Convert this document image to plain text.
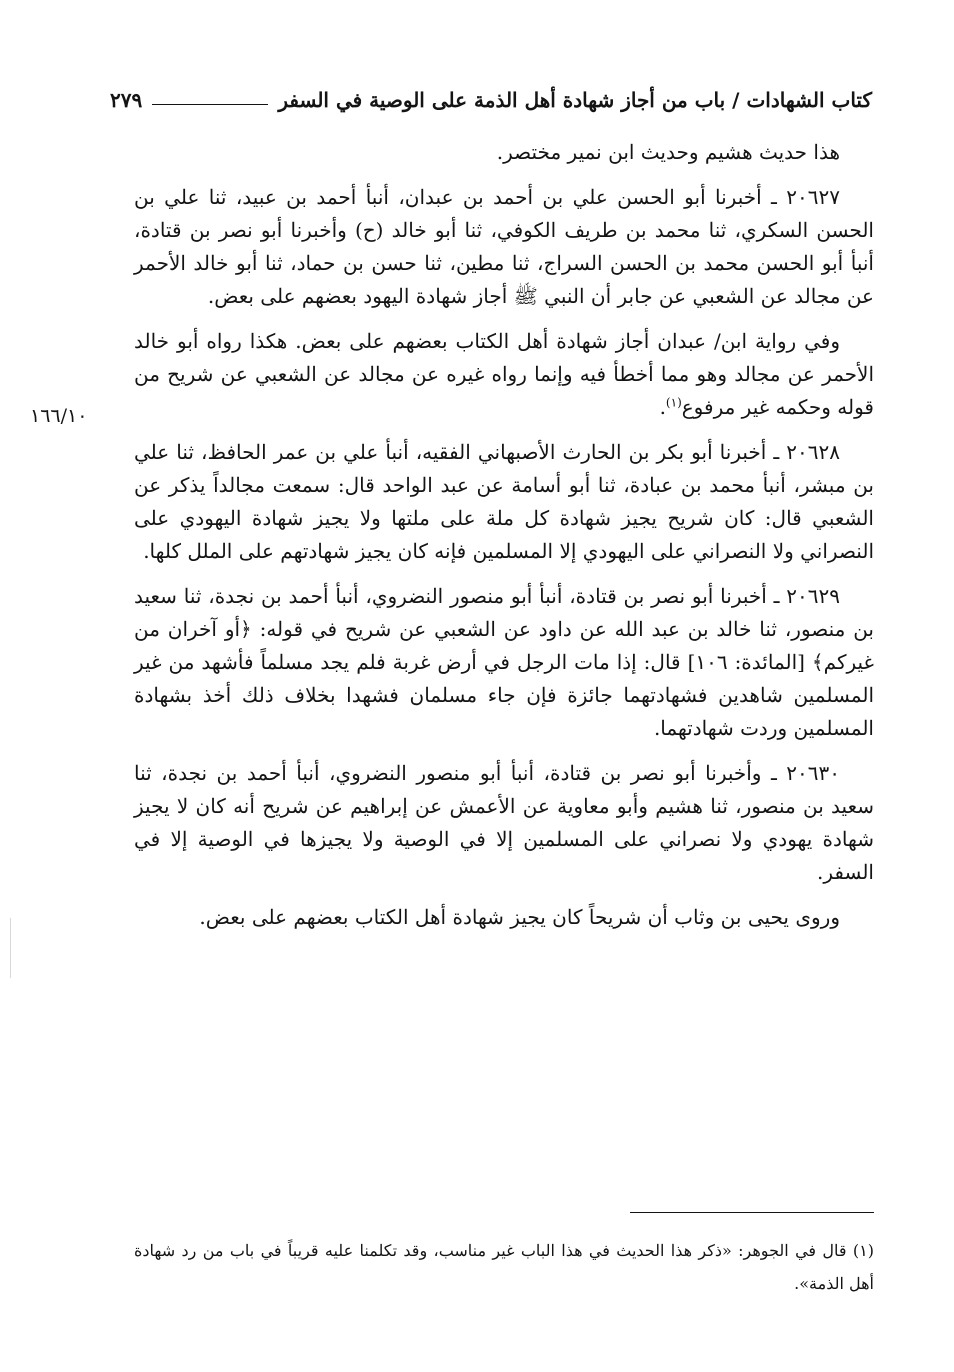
كتاب الشهادات / باب من أجاز شهادة أهل الذمة على الوصية في السفر
٢٧٩
١٦٦/١٠

هذا حديث هشيم وحديث ابن نمير مختصر.

٢٠٦٢٧ ـ أخبرنا أبو الحسن علي بن أحمد بن عبدان، أنبأ أحمد بن عبيد، ثنا علي بن الحسن السكري، ثنا محمد بن طريف الكوفي، ثنا أبو خالد (ح) وأخبرنا أبو نصر بن قتادة، أنبأ أبو الحسن محمد بن الحسن السراج، ثنا مطين، ثنا حسن بن حماد، ثنا أبو خالد الأحمر عن مجالد عن الشعبي عن جابر أن النبي ﷺ أجاز شهادة اليهود بعضهم على بعض.

وفي رواية ابن/ عبدان أجاز شهادة أهل الكتاب بعضهم على بعض. هكذا رواه أبو خالد الأحمر عن مجالد وهو مما أخطأ فيه وإنما رواه غيره عن مجالد عن الشعبي عن شريح من قوله وحكمه غير مرفوع$^{(١)}$.

٢٠٦٢٨ ـ أخبرنا أبو بكر بن الحارث الأصبهاني الفقيه، أنبأ علي بن عمر الحافظ، ثنا علي بن مبشر، أنبأ محمد بن عبادة، ثنا أبو أسامة عن عبد الواحد قال: سمعت مجالداً يذكر عن الشعبي قال: كان شريح يجيز شهادة كل ملة على ملتها ولا يجيز شهادة اليهودي على النصراني ولا النصراني على اليهودي إلا المسلمين فإنه كان يجيز شهادتهم على الملل كلها.

٢٠٦٢٩ ـ أخبرنا أبو نصر بن قتادة، أنبأ أبو منصور النضروي، أنبأ أحمد بن نجدة، ثنا سعيد بن منصور، ثنا خالد بن عبد الله عن داود عن الشعبي عن شريح في قوله: ﴿أو آخران من غيركم﴾ [المائدة: ١٠٦] قال: إذا مات الرجل في أرض غربة فلم يجد مسلماً فأشهد من غير المسلمين شاهدين فشهادتهما جائزة فإن جاء مسلمان فشهدا بخلاف ذلك أخذ بشهادة المسلمين وردت شهادتهما.

٢٠٦٣٠ ـ وأخبرنا أبو نصر بن قتادة، أنبأ أبو منصور النضروي، أنبأ أحمد بن نجدة، ثنا سعيد بن منصور، ثنا هشيم وأبو معاوية عن الأعمش عن إبراهيم عن شريح أنه كان لا يجيز شهادة يهودي ولا نصراني على المسلمين إلا في الوصية ولا يجيزها في الوصية إلا في السفر.

وروى يحيى بن وثاب أن شريحاً كان يجيز شهادة أهل الكتاب بعضهم على بعض.

(١) قال في الجوهر: «ذكر هذا الحديث في هذا الباب غير مناسب، وقد تكلمنا عليه قريباً في باب من رد شهادة أهل الذمة».
